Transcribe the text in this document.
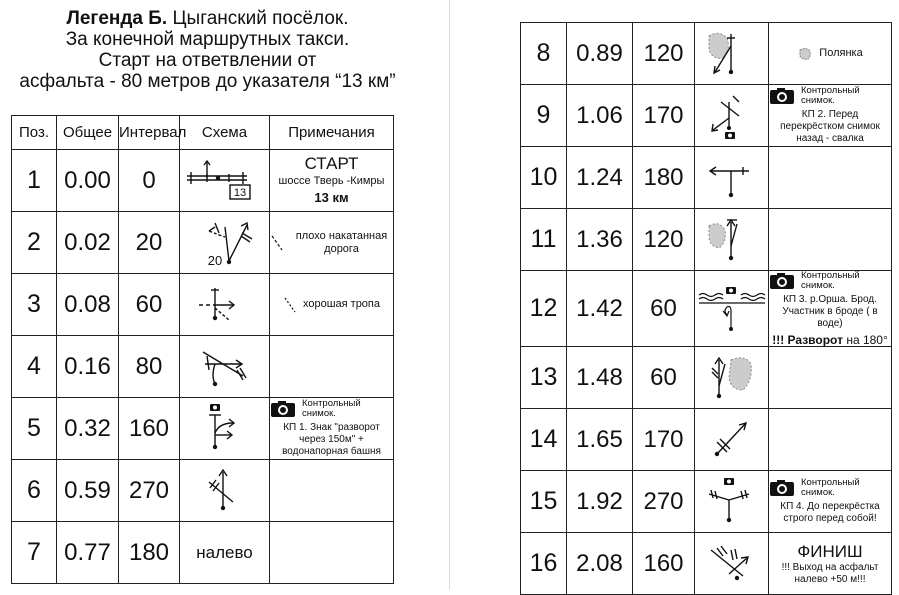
Легенда Б. Цыганский посёлок.
За конечной маршрутных такси.
Старт на ответвлении от
асфальта - 80 метров до указателя “13 км”
Поз.	Общее	Интервал	Схема	Примечания
1	0.00	0	13	СТАРТ
шоссе Тверь -Кимры
13 км

2	0.02	20	20	плохо накатанная дорога

3	0.08	60		хорошая тропа

4	0.16	80	

5	0.32	160		Контрольный снимок.
КП 1. Знак "разворот через 150м" + водонапорная башня

6	0.59	270	

7	0.77	180	налево	
8	0.89	120		Полянка

9	1.06	170		Контрольный снимок.
КП 2. Перед перекрёстком снимок назад - свалка

10	1.24	180	

11	1.36	120	

12	1.42	60		Контрольный снимок.
КП 3. р.Орша. Брод. Участник в броде ( в воде)
!!! Разворот на 180°

13	1.48	60	

14	1.65	170	

15	1.92	270		Контрольный снимок.
КП 4. До перекрёстка строго перед собой!

16	2.08	160		ФИНИШ
!!! Выход на асфальт налево +50 м!!!
